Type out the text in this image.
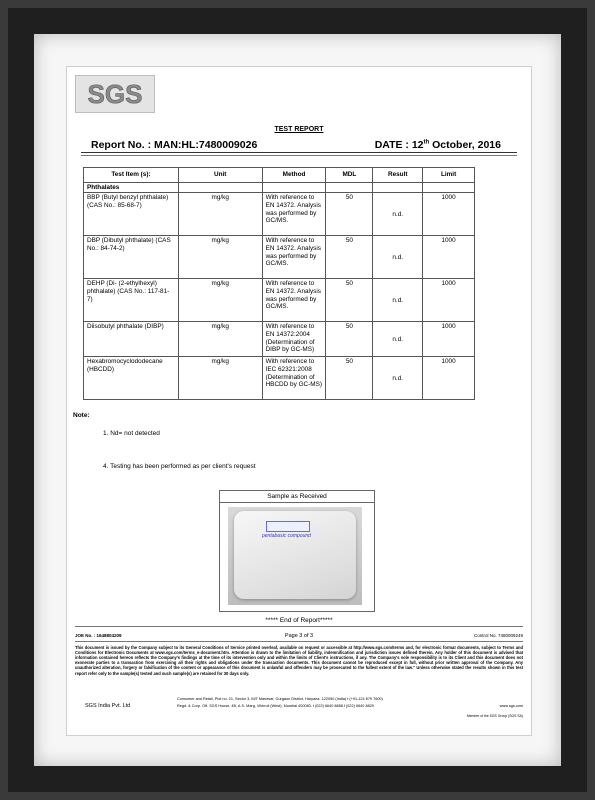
SGS
TEST REPORT
Report No. : MAN:HL:7480009026	DATE : 12th October, 2016
Test Item (s):	Unit	Method	MDL	Result	Limit
Phthalates					
BBP (Butyl benzyl phthalate) (CAS No.: 85-68-7)	mg/kg	With reference to EN 14372. Analysis was performed by GC/MS.	50	n.d.	1000
DBP (Dibutyl phthalate) (CAS No.: 84-74-2)	mg/kg	With reference to EN 14372. Analysis was performed by GC/MS.	50	n.d.	1000
DEHP (Di- (2-ethylhexyl) phthalate) (CAS No.: 117-81-7)	mg/kg	With reference to EN 14372. Analysis was performed by GC/MS.	50	n.d.	1000
Diisobutyl phthalate (DIBP)	mg/kg	With reference to EN 14372:2004 (Determination of DIBP by GC-MS)	50	n.d.	1000
Hexabromocyclododecane (HBCDD)	mg/kg	With reference to IEC 62321:2008 (Determination of HBCDD by GC-MS)	50	n.d.	1000
Note:
1. Nd= not detected
4. Testing has been performed as per client's request
Sample as Received
pentabasic compound
***** End of Report*****
JOE No. : 1648804209	Page 3 of 3	Control No. 7480009249
This document is issued by the Company subject to its General Conditions of Service printed overleaf, available on request or accessible at http://www.sgs.com/terms and, for electronic format documents, subject to Terms and Conditions for Electronic Documents at www.sgs.com/terms_e-document.htm. Attention is drawn to the limitation of liability, indemnification and jurisdiction issues defined therein. Any holder of this document is advised that information contained hereon reflects the Company's findings at the time of its intervention only and within the limits of Client's instructions, if any. The Company's sole responsibility is to its Client and this document does not exonerate parties to a transaction from exercising all their rights and obligations under the transaction documents. This document cannot be reproduced except in full, without prior written approval of the Company. Any unauthorized alteration, forgery or falsification of the content or appearance of this document is unlawful and offenders may be prosecuted to the fullest extent of the law." Unless otherwise stated the results shown in this test report refer only to the sample(s) tested and such sample(s) are retained for 30 days only.
SGS India Pvt. Ltd
Consumer and Retail, Plot no. 21, Sector 3, IMT Manesar, Gurgaon District, Haryana- 122050 (India) t (+91-124 679 7600)
Regd. & Corp. Off. SGS House, 4B, A.S. Marg, Vikhroli (West), Mumbai 400083. t (022) 6640 8888 f (022) 6640 8829	www.sgs.com
Member of the SGS Group (SGS SA)
